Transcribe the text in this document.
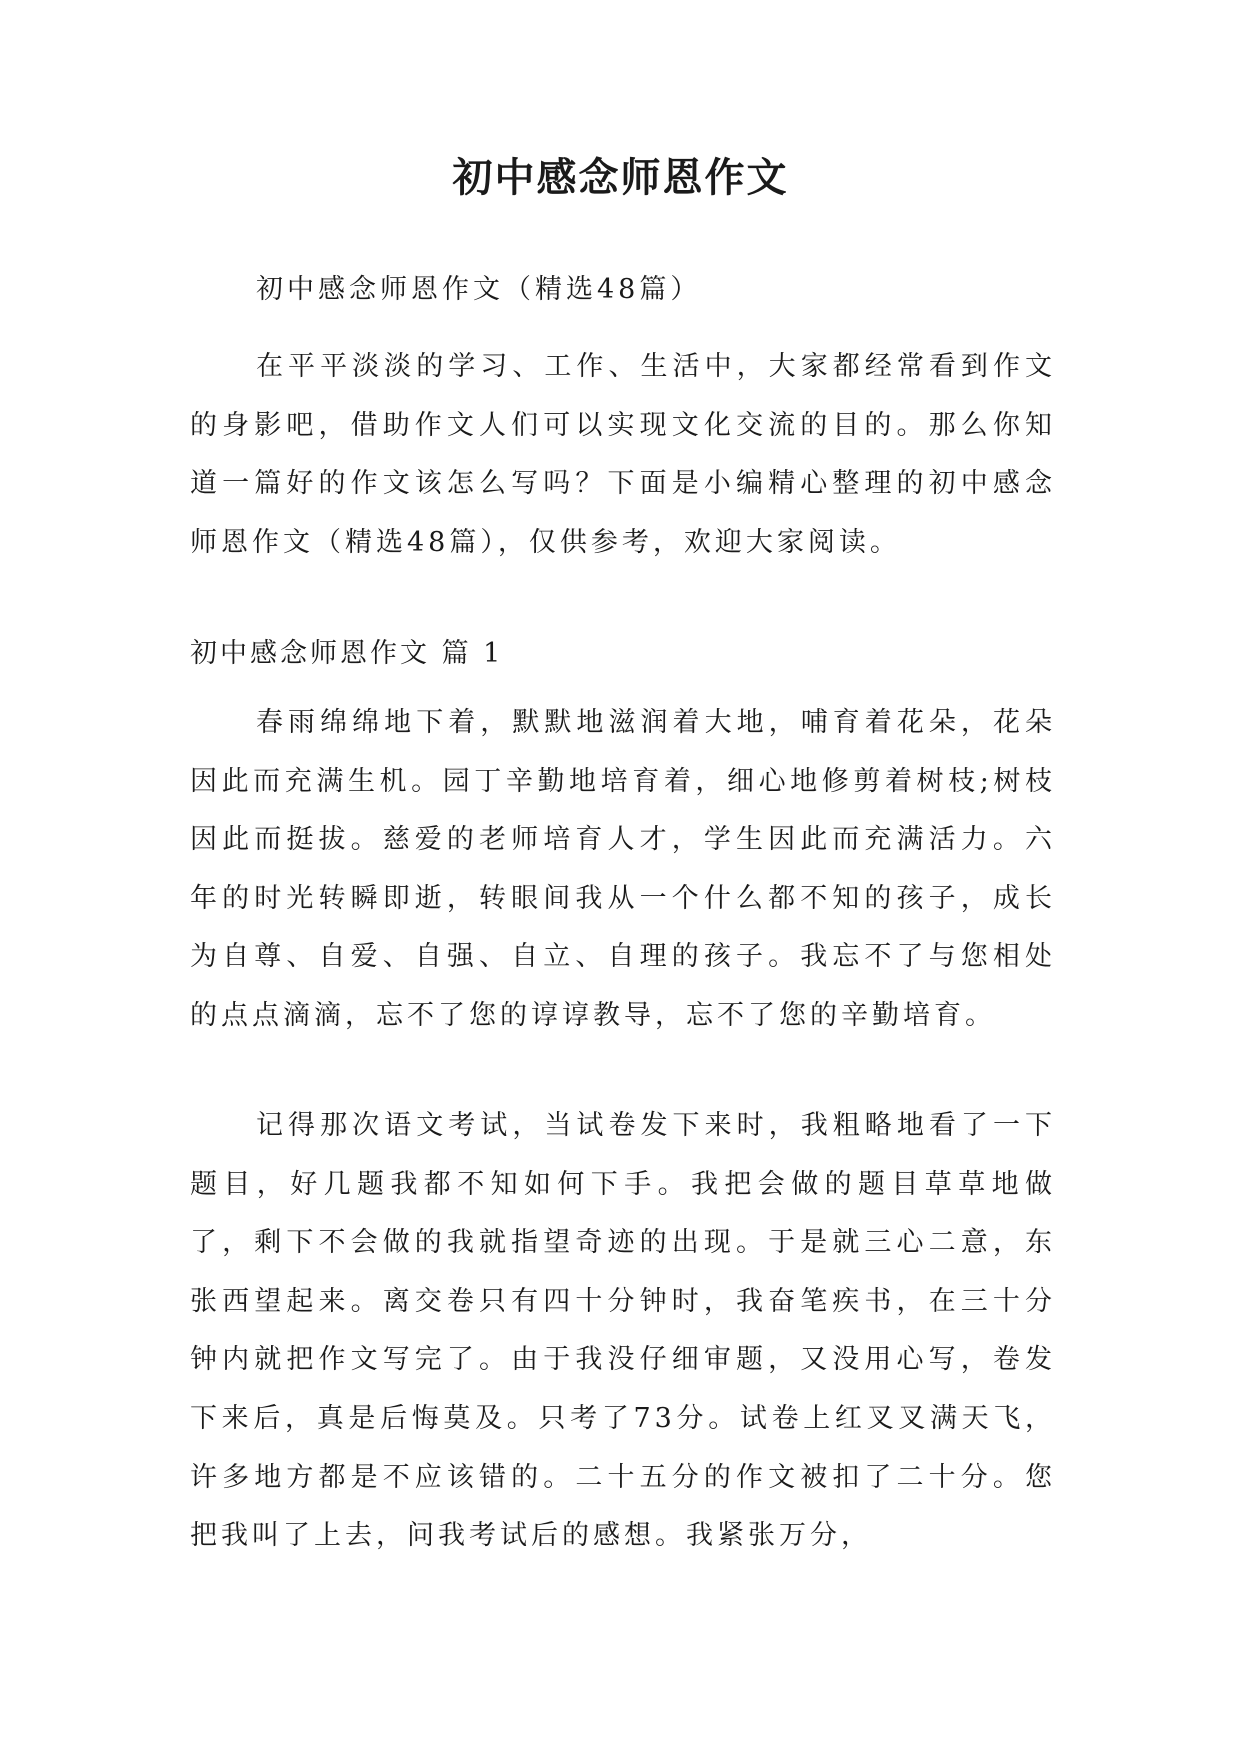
初中感念师恩作文

初中感念师恩作文（精选48篇）

在平平淡淡的学习、工作、生活中，大家都经常看到作文的身影吧，借助作文人们可以实现文化交流的目的。那么你知道一篇好的作文该怎么写吗？下面是小编精心整理的初中感念师恩作文（精选48篇），仅供参考，欢迎大家阅读。

初中感念师恩作文 篇 1

春雨绵绵地下着，默默地滋润着大地，哺育着花朵，花朵因此而充满生机。园丁辛勤地培育着，细心地修剪着树枝;树枝因此而挺拔。慈爱的老师培育人才，学生因此而充满活力。六年的时光转瞬即逝，转眼间我从一个什么都不知的孩子，成长为自尊、自爱、自强、自立、自理的孩子。我忘不了与您相处的点点滴滴，忘不了您的谆谆教导，忘不了您的辛勤培育。

记得那次语文考试，当试卷发下来时，我粗略地看了一下题目，好几题我都不知如何下手。我把会做的题目草草地做了，剩下不会做的我就指望奇迹的出现。于是就三心二意，东张西望起来。离交卷只有四十分钟时，我奋笔疾书，在三十分钟内就把作文写完了。由于我没仔细审题，又没用心写，卷发下来后，真是后悔莫及。只考了73分。试卷上红叉叉满天飞，许多地方都是不应该错的。二十五分的作文被扣了二十分。您把我叫了上去，问我考试后的感想。我紧张万分，
